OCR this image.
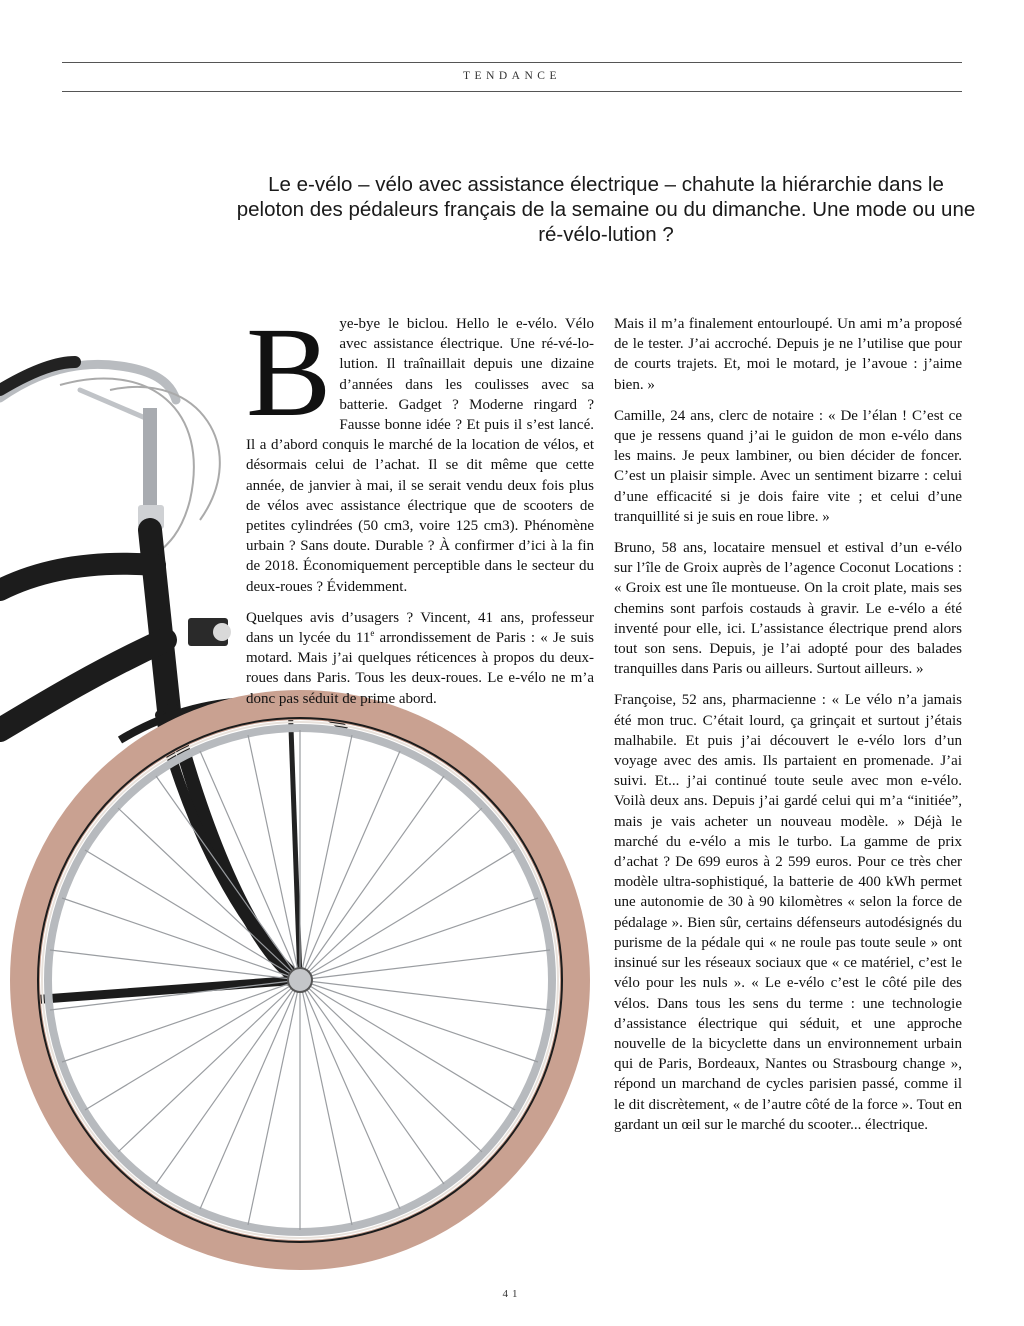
TENDANCE
Le e-vélo – vélo avec assistance électrique – chahute la hiérarchie dans le peloton des pédaleurs français de la semaine ou du dimanche. Une mode ou une ré-vélo-lution ?

B ye-bye le biclou. Hello le e-vélo. Vélo avec assistance électrique. Une ré-vé-lo-lution. Il traînaillait depuis une dizaine d’années dans les coulisses avec sa batterie. Gadget ? Moderne ringard ? Fausse bonne idée ? Et puis il s’est lancé. Il a d’abord conquis le marché de la location de vélos, et désormais celui de l’achat. Il se dit même que cette année, de janvier à mai, il se serait vendu deux fois plus de vélos avec assistance électrique que de scooters de petites cylindrées (50 cm3, voire 125 cm3). Phénomène urbain ? Sans doute. Durable ? À confirmer d’ici à la fin de 2018. Économiquement perceptible dans le secteur du deux-roues ? Évidemment.

Quelques avis d’usagers ? Vincent, 41 ans, professeur dans un lycée du 11e arrondissement de Paris : « Je suis motard. Mais j’ai quelques réticences à propos du deux-roues dans Paris. Tous les deux-roues. Le e-vélo ne m’a donc pas séduit de prime abord.

Mais il m’a finalement entourloupé. Un ami m’a proposé de le tester. J’ai accroché. Depuis je ne l’utilise que pour de courts trajets. Et, moi le motard, je l’avoue : j’aime bien. »

Camille, 24 ans, clerc de notaire : « De l’élan ! C’est ce que je ressens quand j’ai le guidon de mon e-vélo dans les mains. Je peux lambiner, ou bien décider de foncer. C’est un plaisir simple. Avec un sentiment bizarre : celui d’une efficacité si je dois faire vite ; et celui d’une tranquillité si je suis en roue libre. »

Bruno, 58 ans, locataire mensuel et estival d’un e-vélo sur l’île de Groix auprès de l’agence Coconut Locations : « Groix est une île montueuse. On la croit plate, mais ses chemins sont parfois costauds à gravir. Le e-vélo a été inventé pour elle, ici. L’assistance électrique prend alors tout son sens. Depuis, je l’ai adopté pour des balades tranquilles dans Paris ou ailleurs. Surtout ailleurs. »

Françoise, 52 ans, pharmacienne : « Le vélo n’a jamais été mon truc. C’était lourd, ça grinçait et surtout j’étais malhabile. Et puis j’ai découvert le e-vélo lors d’un voyage avec des amis. Ils partaient en promenade. J’ai suivi. Et... j’ai continué toute seule avec mon e-vélo. Voilà deux ans. Depuis j’ai gardé celui qui m’a “initiée”, mais je vais acheter un nouveau modèle. » Déjà le marché du e-vélo a mis le turbo. La gamme de prix d’achat ? De 699 euros à 2 599 euros. Pour ce très cher modèle ultra-sophistiqué, la batterie de 400 kWh permet une autonomie de 30 à 90 kilomètres « selon la force de pédalage ». Bien sûr, certains défenseurs autodésignés du purisme de la pédale qui « ne roule pas toute seule » ont insinué sur les réseaux sociaux que « ce matériel, c’est le vélo pour les nuls ». « Le e-vélo c’est le côté pile des vélos. Dans tous les sens du terme : une technologie d’assistance électrique qui séduit, et une approche nouvelle de la bicyclette dans un environnement urbain qui de Paris, Bordeaux, Nantes ou Strasbourg change », répond un marchand de cycles parisien passé, comme il le dit discrètement, « de l’autre côté de la force ». Tout en gardant un œil sur le marché du scooter... électrique.

41
